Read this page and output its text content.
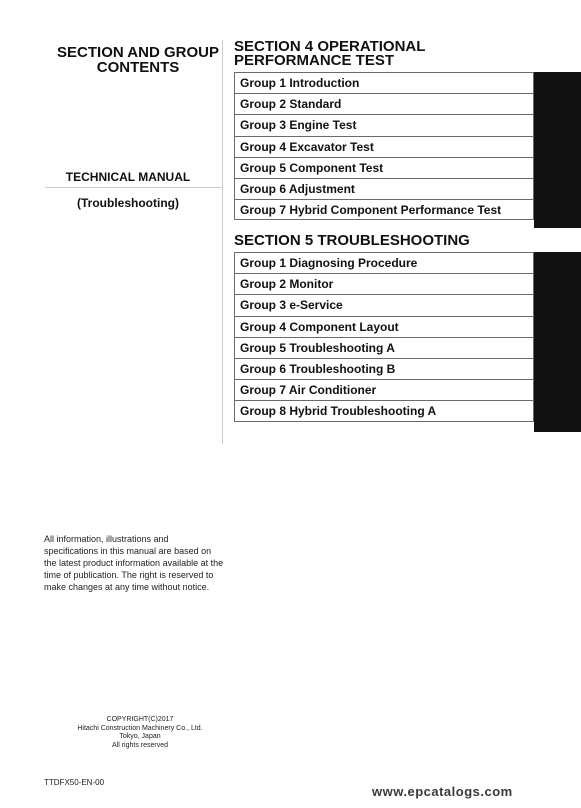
SECTION AND GROUP
CONTENTS
TECHNICAL MANUAL
(Troubleshooting)
All information, illustrations and specifications in this manual are based on the latest product information available at the time of publication. The right is reserved to make changes at any time without notice.
COPYRIGHT(C)2017
Hitachi Construction Machinery Co., Ltd.
Tokyo, Japan
All rights reserved
TTDFX50-EN-00
SECTION 4 OPERATIONAL
PERFORMANCE TEST
Group 1 Introduction
Group 2 Standard
Group 3 Engine Test
Group 4 Excavator Test
Group 5 Component Test
Group 6 Adjustment
Group 7 Hybrid Component Performance Test
SECTION 5 TROUBLESHOOTING
Group 1 Diagnosing Procedure
Group 2 Monitor
Group 3 e-Service
Group 4 Component Layout
Group 5 Troubleshooting A
Group 6 Troubleshooting B
Group 7 Air Conditioner
Group 8 Hybrid Troubleshooting A
www.epcatalogs.com
